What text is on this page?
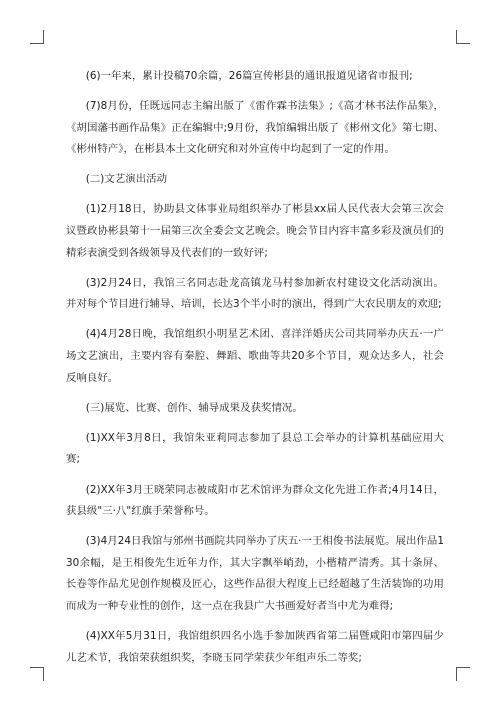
(6)一年来，累计投稿70余篇，26篇宣传彬县的通讯报道见诸省市报刊;

(7)8月份，任既远同志主编出版了《雷作霖书法集》;《高才林书法作品集》，《胡国藩书画作品集》正在编辑中;9月份，我馆编辑出版了《彬州文化》第七期、《彬州特产》，在彬县本土文化研究和对外宣传中均起到了一定的作用。

(二)文艺演出活动

(1)2月18日，协助县文体事业局组织举办了彬县xx届人民代表大会第三次会议暨政协彬县第十一届第三次全委会文艺晚会。晚会节目内容丰富多彩及演员们的精彩表演受到各级领导及代表们的一致好评;

(3)2月24日，我馆三名同志赴龙高镇龙马村参加新农村建设文化活动演出。并对每个节目进行辅导、培训，长达3个半小时的演出，得到广大农民朋友的欢迎;

(4)4月28日晚，我馆组织小明星艺术团、喜洋洋婚庆公司共同举办庆五·一广场文艺演出，主要内容有秦腔、舞蹈、歌曲等共20多个节目，观众达多人，社会反响良好。

(三)展览、比赛、创作、辅导成果及获奖情况。

(1)XX年3月8日，我馆朱亚莉同志参加了县总工会举办的计算机基础应用大赛;

(2)XX年3月王晓荣同志被咸阳市艺术馆评为群众文化先进工作者;4月14日，获县级"三·八"红旗手荣誉称号。

(3)4月24日我馆与邠州书画院共同举办了庆五·一王相俊书法展览。展出作品130余幅，是王相俊先生近年力作，其大字飘举峭劲，小楷精严清秀。其十条屏、长卷等作品尤见创作规模及匠心，这些作品很大程度上已经超越了生活装饰的功用而成为一种专业性的创作，这一点在我县广大书画爱好者当中尤为难得;

(4)XX年5月31日，我馆组织四名小选手参加陕西省第二届暨咸阳市第四届少儿艺术节，我馆荣获组织奖，李晓玉同学荣获少年组声乐二等奖;
